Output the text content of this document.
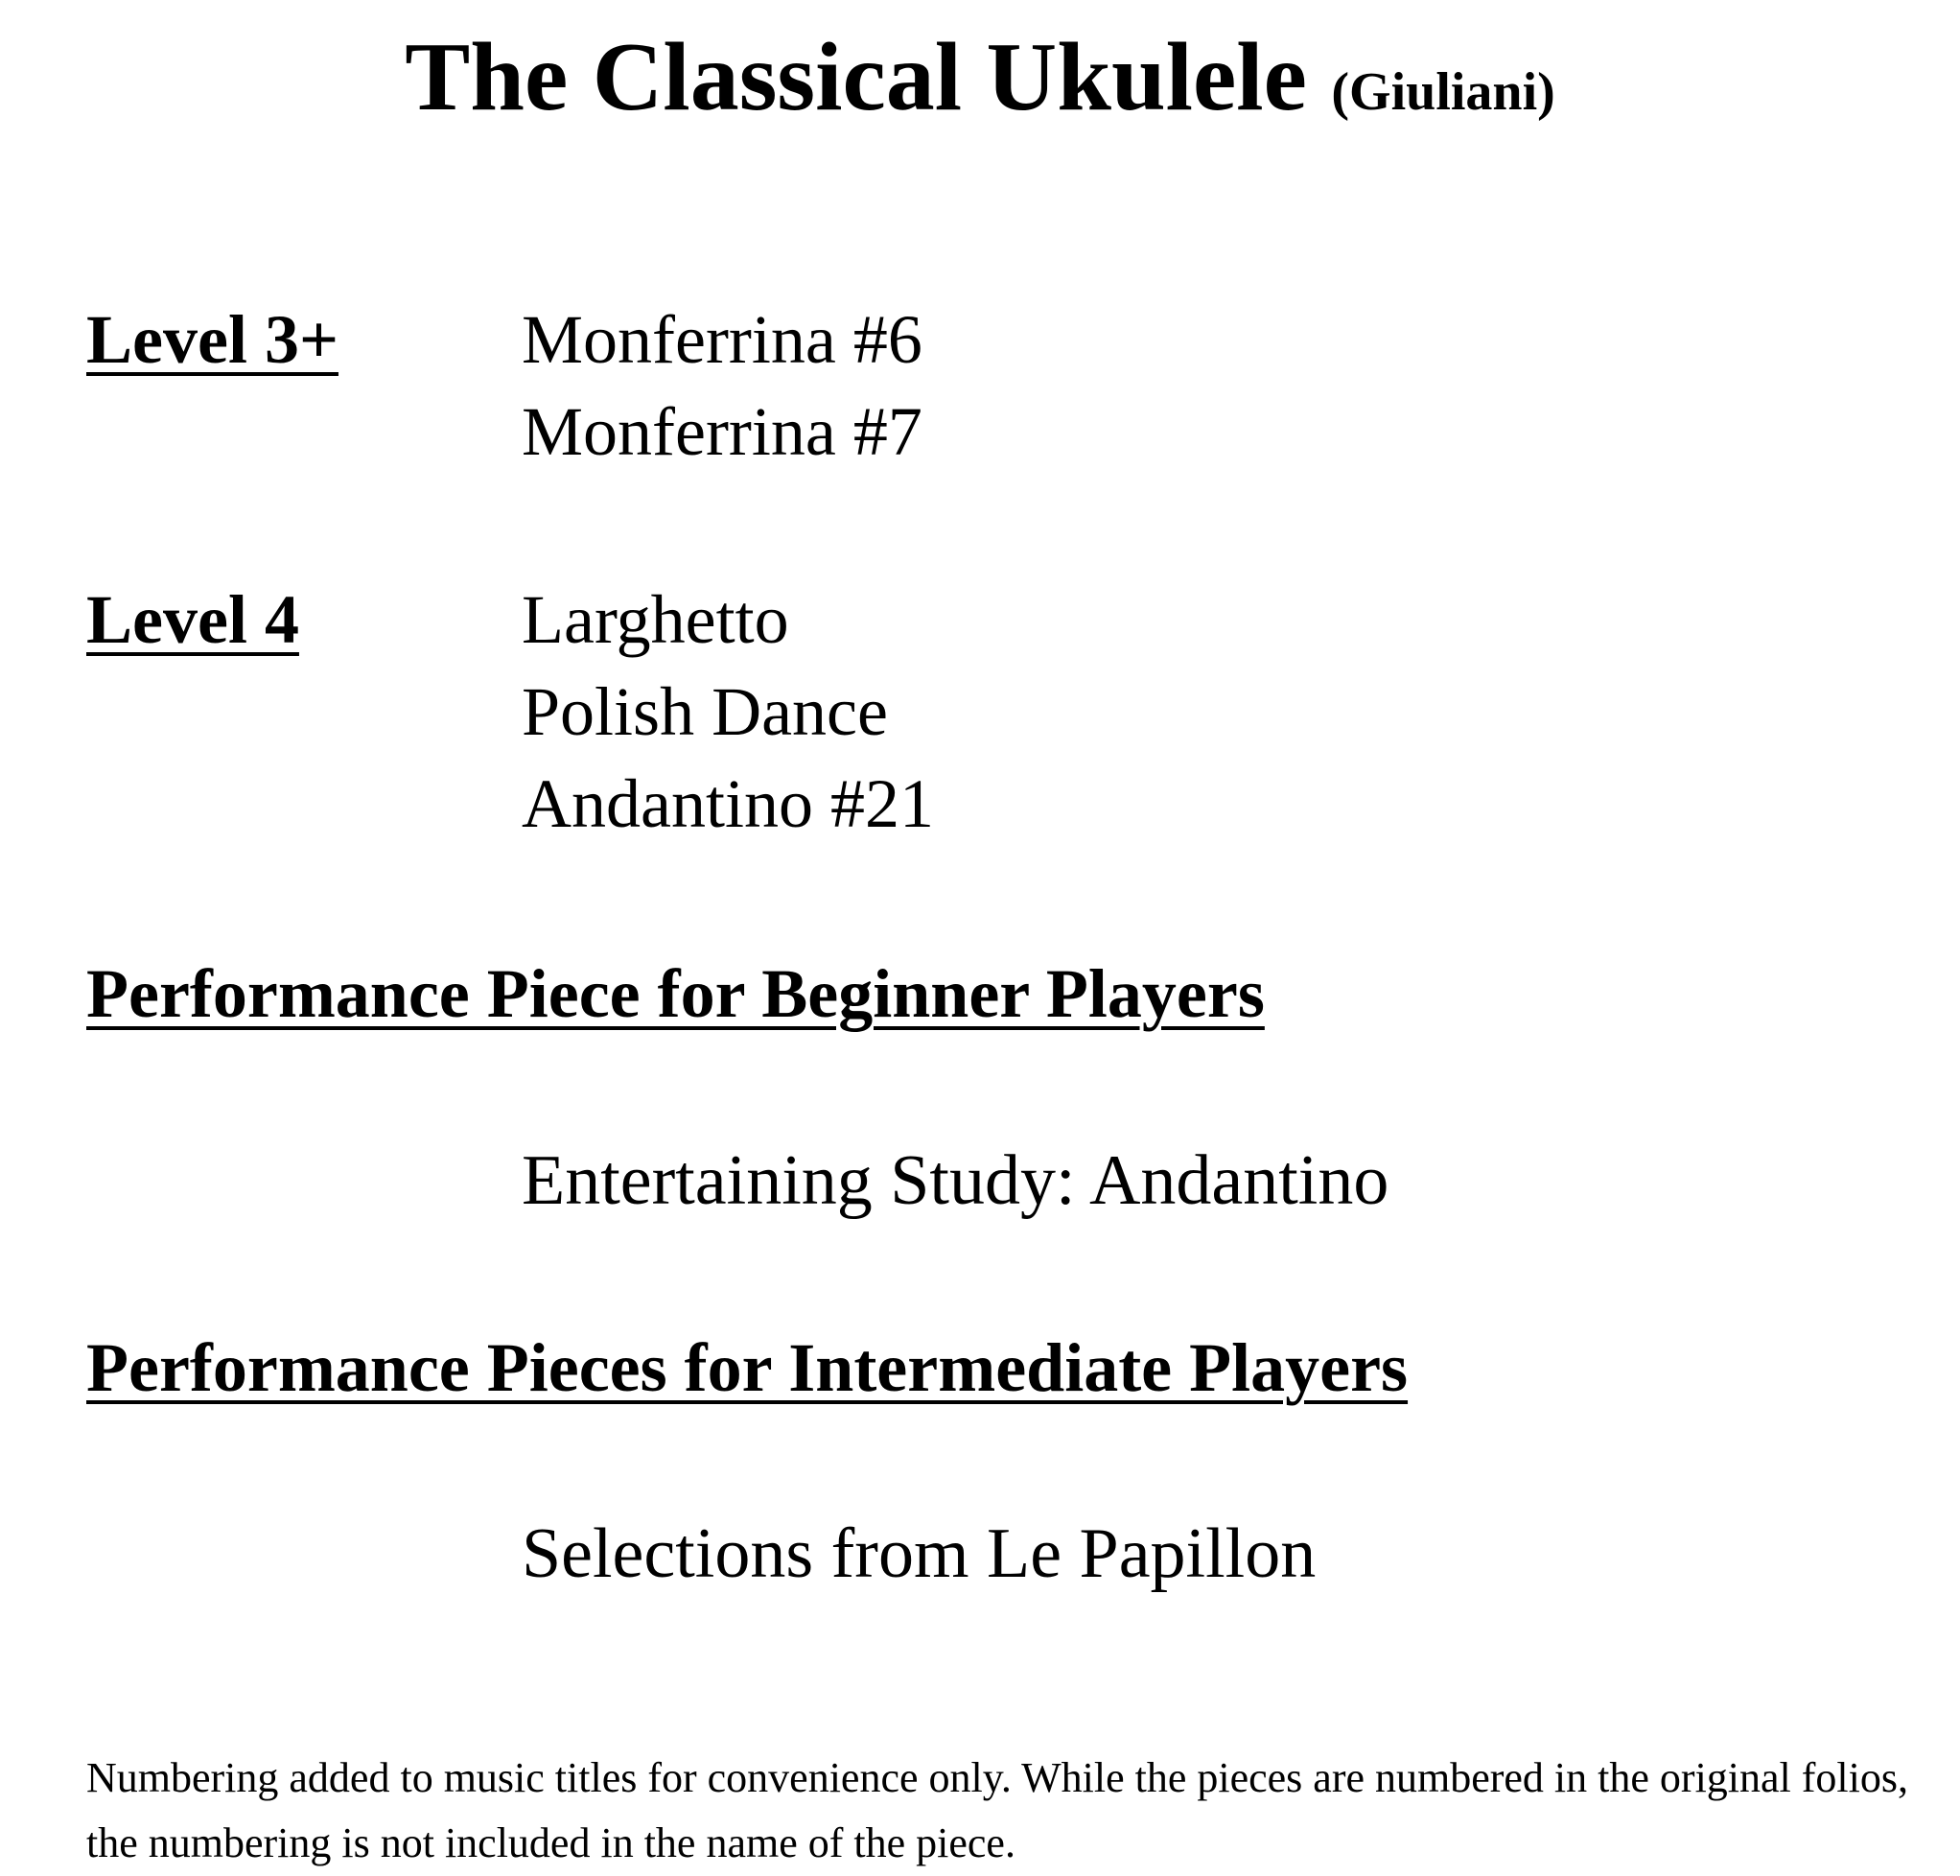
The Classical Ukulele (Giuliani)
Level 3+	Monferrina #6
Monferrina #7
Level 4	Larghetto
Polish Dance
Andantino #21
Performance Piece for Beginner Players
Entertaining Study: Andantino
Performance Pieces for Intermediate Players
Selections from Le Papillon
Numbering added to music titles for convenience only. While the pieces are numbered in the original folios, the numbering is not included in the name of the piece.
